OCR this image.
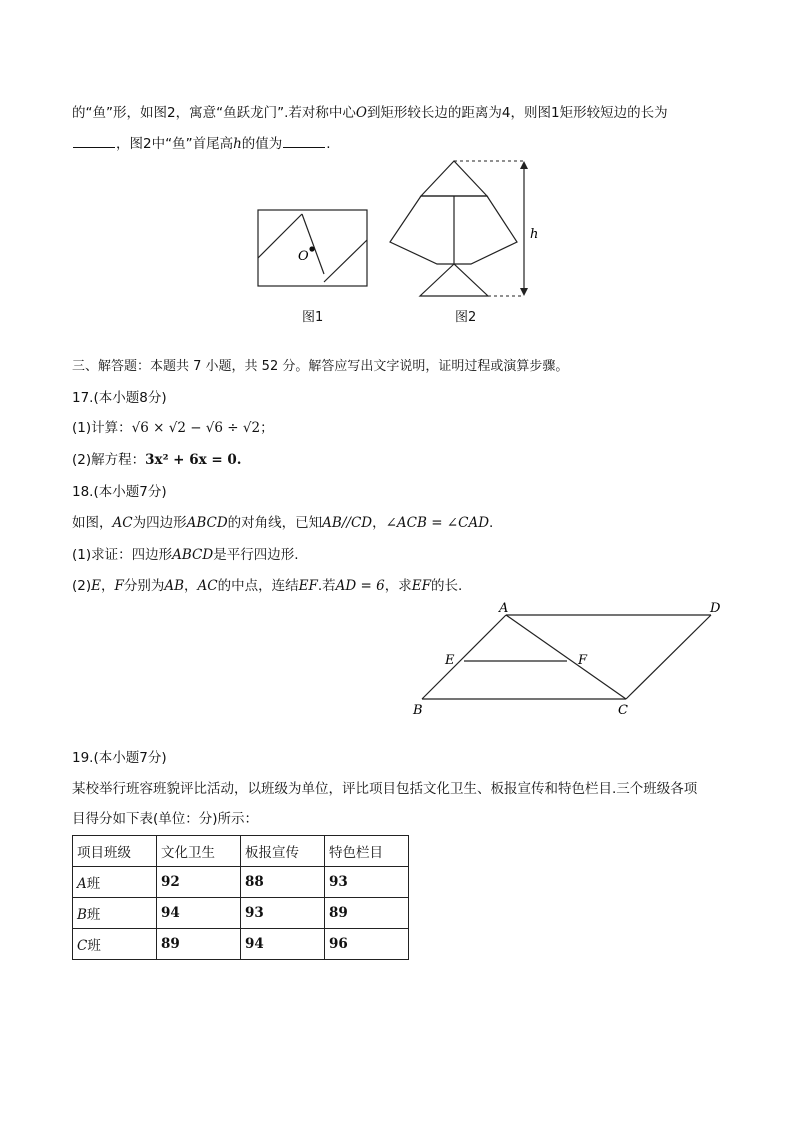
的“鱼”形，如图2，寓意“鱼跃龙门”.若对称中心O到矩形较长边的距离为4，则图1矩形较短边的长为
，图2中“鱼”首尾高h的值为	.
O
图1
h
图2
三、解答题：本题共 7 小题，共 52 分。解答应写出文字说明，证明过程或演算步骤。
17.(本小题8分)
(1)计算：√6 × √2 − √6 ÷ √2；
(2)解方程：3x² + 6x = 0.
18.(本小题7分)
如图，AC为四边形ABCD的对角线，已知AB//CD，∠ACB = ∠CAD.
(1)求证：四边形ABCD是平行四边形.
(2)E，F分别为AB，AC的中点，连结EF.若AD = 6，求EF的长.
A	D
B	C
E	F
19.(本小题7分)
某校举行班容班貌评比活动，以班级为单位，评比项目包括文化卫生、板报宣传和特色栏目.三个班级各项
目得分如下表(单位：分)所示：
项目班级	文化卫生	板报宣传	特色栏目
A班	92	88	93
B班	94	93	89
C班	89	94	96
